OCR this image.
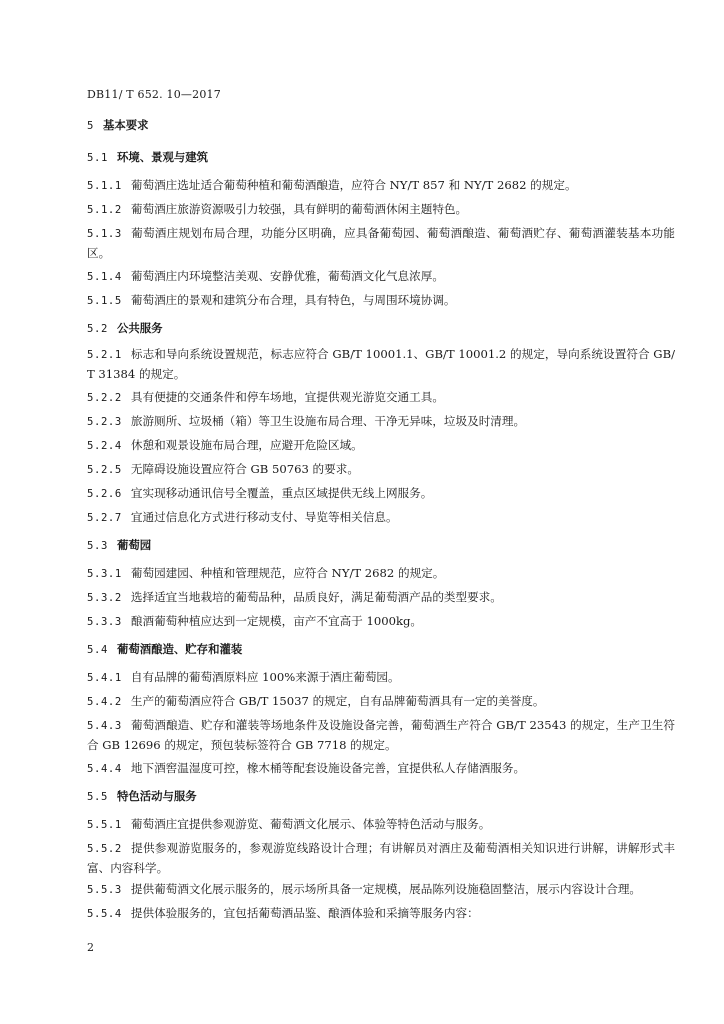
DB11/ T 652. 10—2017
5 基本要求
5.1 环境、景观与建筑

5.1.1 葡萄酒庄选址适合葡萄种植和葡萄酒酿造，应符合 NY/T 857 和 NY/T 2682 的规定。

5.1.2 葡萄酒庄旅游资源吸引力较强，具有鲜明的葡萄酒休闲主题特色。

5.1.3 葡萄酒庄规划布局合理，功能分区明确，应具备葡萄园、葡萄酒酿造、葡萄酒贮存、葡萄酒灌装基本功能区。

5.1.4 葡萄酒庄内环境整洁美观、安静优雅，葡萄酒文化气息浓厚。

5.1.5 葡萄酒庄的景观和建筑分布合理，具有特色，与周围环境协调。

5.2 公共服务

5.2.1 标志和导向系统设置规范，标志应符合 GB/T 10001.1、GB/T 10001.2 的规定，导向系统设置符合 GB/T 31384 的规定。

5.2.2 具有便捷的交通条件和停车场地，宜提供观光游览交通工具。

5.2.3 旅游厕所、垃圾桶（箱）等卫生设施布局合理、干净无异味，垃圾及时清理。

5.2.4 休憩和观景设施布局合理，应避开危险区域。

5.2.5 无障碍设施设置应符合 GB 50763 的要求。

5.2.6 宜实现移动通讯信号全覆盖，重点区域提供无线上网服务。

5.2.7 宜通过信息化方式进行移动支付、导览等相关信息。

5.3 葡萄园

5.3.1 葡萄园建园、种植和管理规范，应符合 NY/T 2682 的规定。

5.3.2 选择适宜当地栽培的葡萄品种，品质良好，满足葡萄酒产品的类型要求。

5.3.3 酿酒葡萄种植应达到一定规模，亩产不宜高于 1000kg。

5.4 葡萄酒酿造、贮存和灌装

5.4.1 自有品牌的葡萄酒原料应 100%来源于酒庄葡萄园。

5.4.2 生产的葡萄酒应符合 GB/T 15037 的规定，自有品牌葡萄酒具有一定的美誉度。

5.4.3 葡萄酒酿造、贮存和灌装等场地条件及设施设备完善，葡萄酒生产符合 GB/T 23543 的规定，生产卫生符合 GB 12696 的规定，预包装标签符合 GB 7718 的规定。

5.4.4 地下酒窖温湿度可控，橡木桶等配套设施设备完善，宜提供私人存储酒服务。

5.5 特色活动与服务

5.5.1 葡萄酒庄宜提供参观游览、葡萄酒文化展示、体验等特色活动与服务。

5.5.2 提供参观游览服务的，参观游览线路设计合理；有讲解员对酒庄及葡萄酒相关知识进行讲解，讲解形式丰富、内容科学。

5.5.3 提供葡萄酒文化展示服务的，展示场所具备一定规模，展品陈列设施稳固整洁，展示内容设计合理。

5.5.4 提供体验服务的，宜包括葡萄酒品鉴、酿酒体验和采摘等服务内容：

2
